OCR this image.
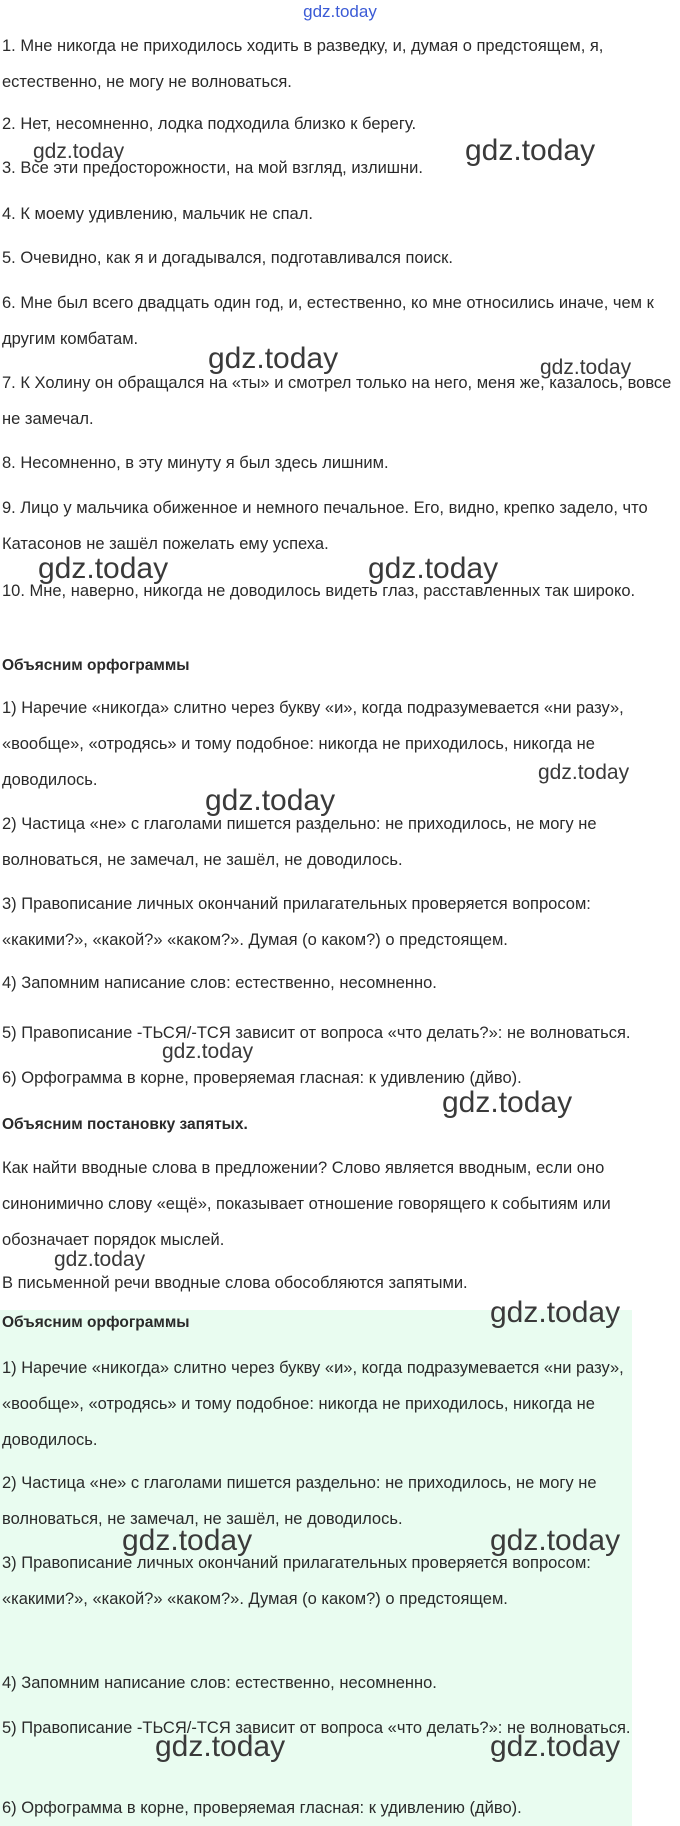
gdz.today

1. Мне никогда не приходилось ходить в разведку, и, думая о предстоящем, я, естественно, не могу не волноваться.

2. Нет, несомненно, лодка подходила близко к берегу.

3. Все эти предосторожности, на мой взгляд, излишни.

4. К моему удивлению, мальчик не спал.

5. Очевидно, как я и догадывался, подготавливался поиск.

6. Мне был всего двадцать один год, и, естественно, ко мне относились иначе, чем к другим комбатам.

7. К Холину он обращался на «ты» и смотрел только на него, меня же, казалось, вовсе не замечал.

8. Несомненно, в эту минуту я был здесь лишним.

9. Лицо у мальчика обиженное и немного печальное. Его, видно, крепко задело, что Катасонов не зашёл пожелать ему успеха.

10. Мне, наверно, никогда не доводилось видеть глаз, расставленных так широко.

Объясним орфограммы

1) Наречие «никогда» слитно через букву «и», когда подразумевается «ни разу», «вообще», «отродясь» и тому подобное: никогда не приходилось, никогда не доводилось.

2) Частица «не» с глаголами пишется раздельно: не приходилось, не могу не волноваться, не замечал, не зашёл, не доводилось.

3) Правописание личных окончаний прилагательных проверяется вопросом: «какими?», «какой?» «каком?». Думая (о каком?) о предстоящем.

4) Запомним написание слов: естественно, несомненно.

5) Правописание -ТЬСЯ/-ТСЯ зависит от вопроса «что делать?»: не волноваться.

6) Орфограмма в корне, проверяемая гласная: к удивлению (дйво).

Объясним постановку запятых.

Как найти вводные слова в предложении? Слово является вводным, если оно синонимично слову «ещё», показывает отношение говорящего к событиям или обозначает порядок мыслей.

В письменной речи вводные слова обособляются запятыми.

Объясним орфограммы

1) Наречие «никогда» слитно через букву «и», когда подразумевается «ни разу», «вообще», «отродясь» и тому подобное: никогда не приходилось, никогда не доводилось.

2) Частица «не» с глаголами пишется раздельно: не приходилось, не могу не волноваться, не замечал, не зашёл, не доводилось.

3) Правописание личных окончаний прилагательных проверяется вопросом: «какими?», «какой?» «каком?». Думая (о каком?) о предстоящем.

4) Запомним написание слов: естественно, несомненно.

5) Правописание -ТЬСЯ/-ТСЯ зависит от вопроса «что делать?»: не волноваться.

6) Орфограмма в корне, проверяемая гласная: к удивлению (дйво).

gdz.today	gdz.today
gdz.today	gdz.today
gdz.today	gdz.today
gdz.today
gdz.today
gdz.today
gdz.today
gdz.today
gdz.today
gdz.today	gdz.today
gdz.today	gdz.today
